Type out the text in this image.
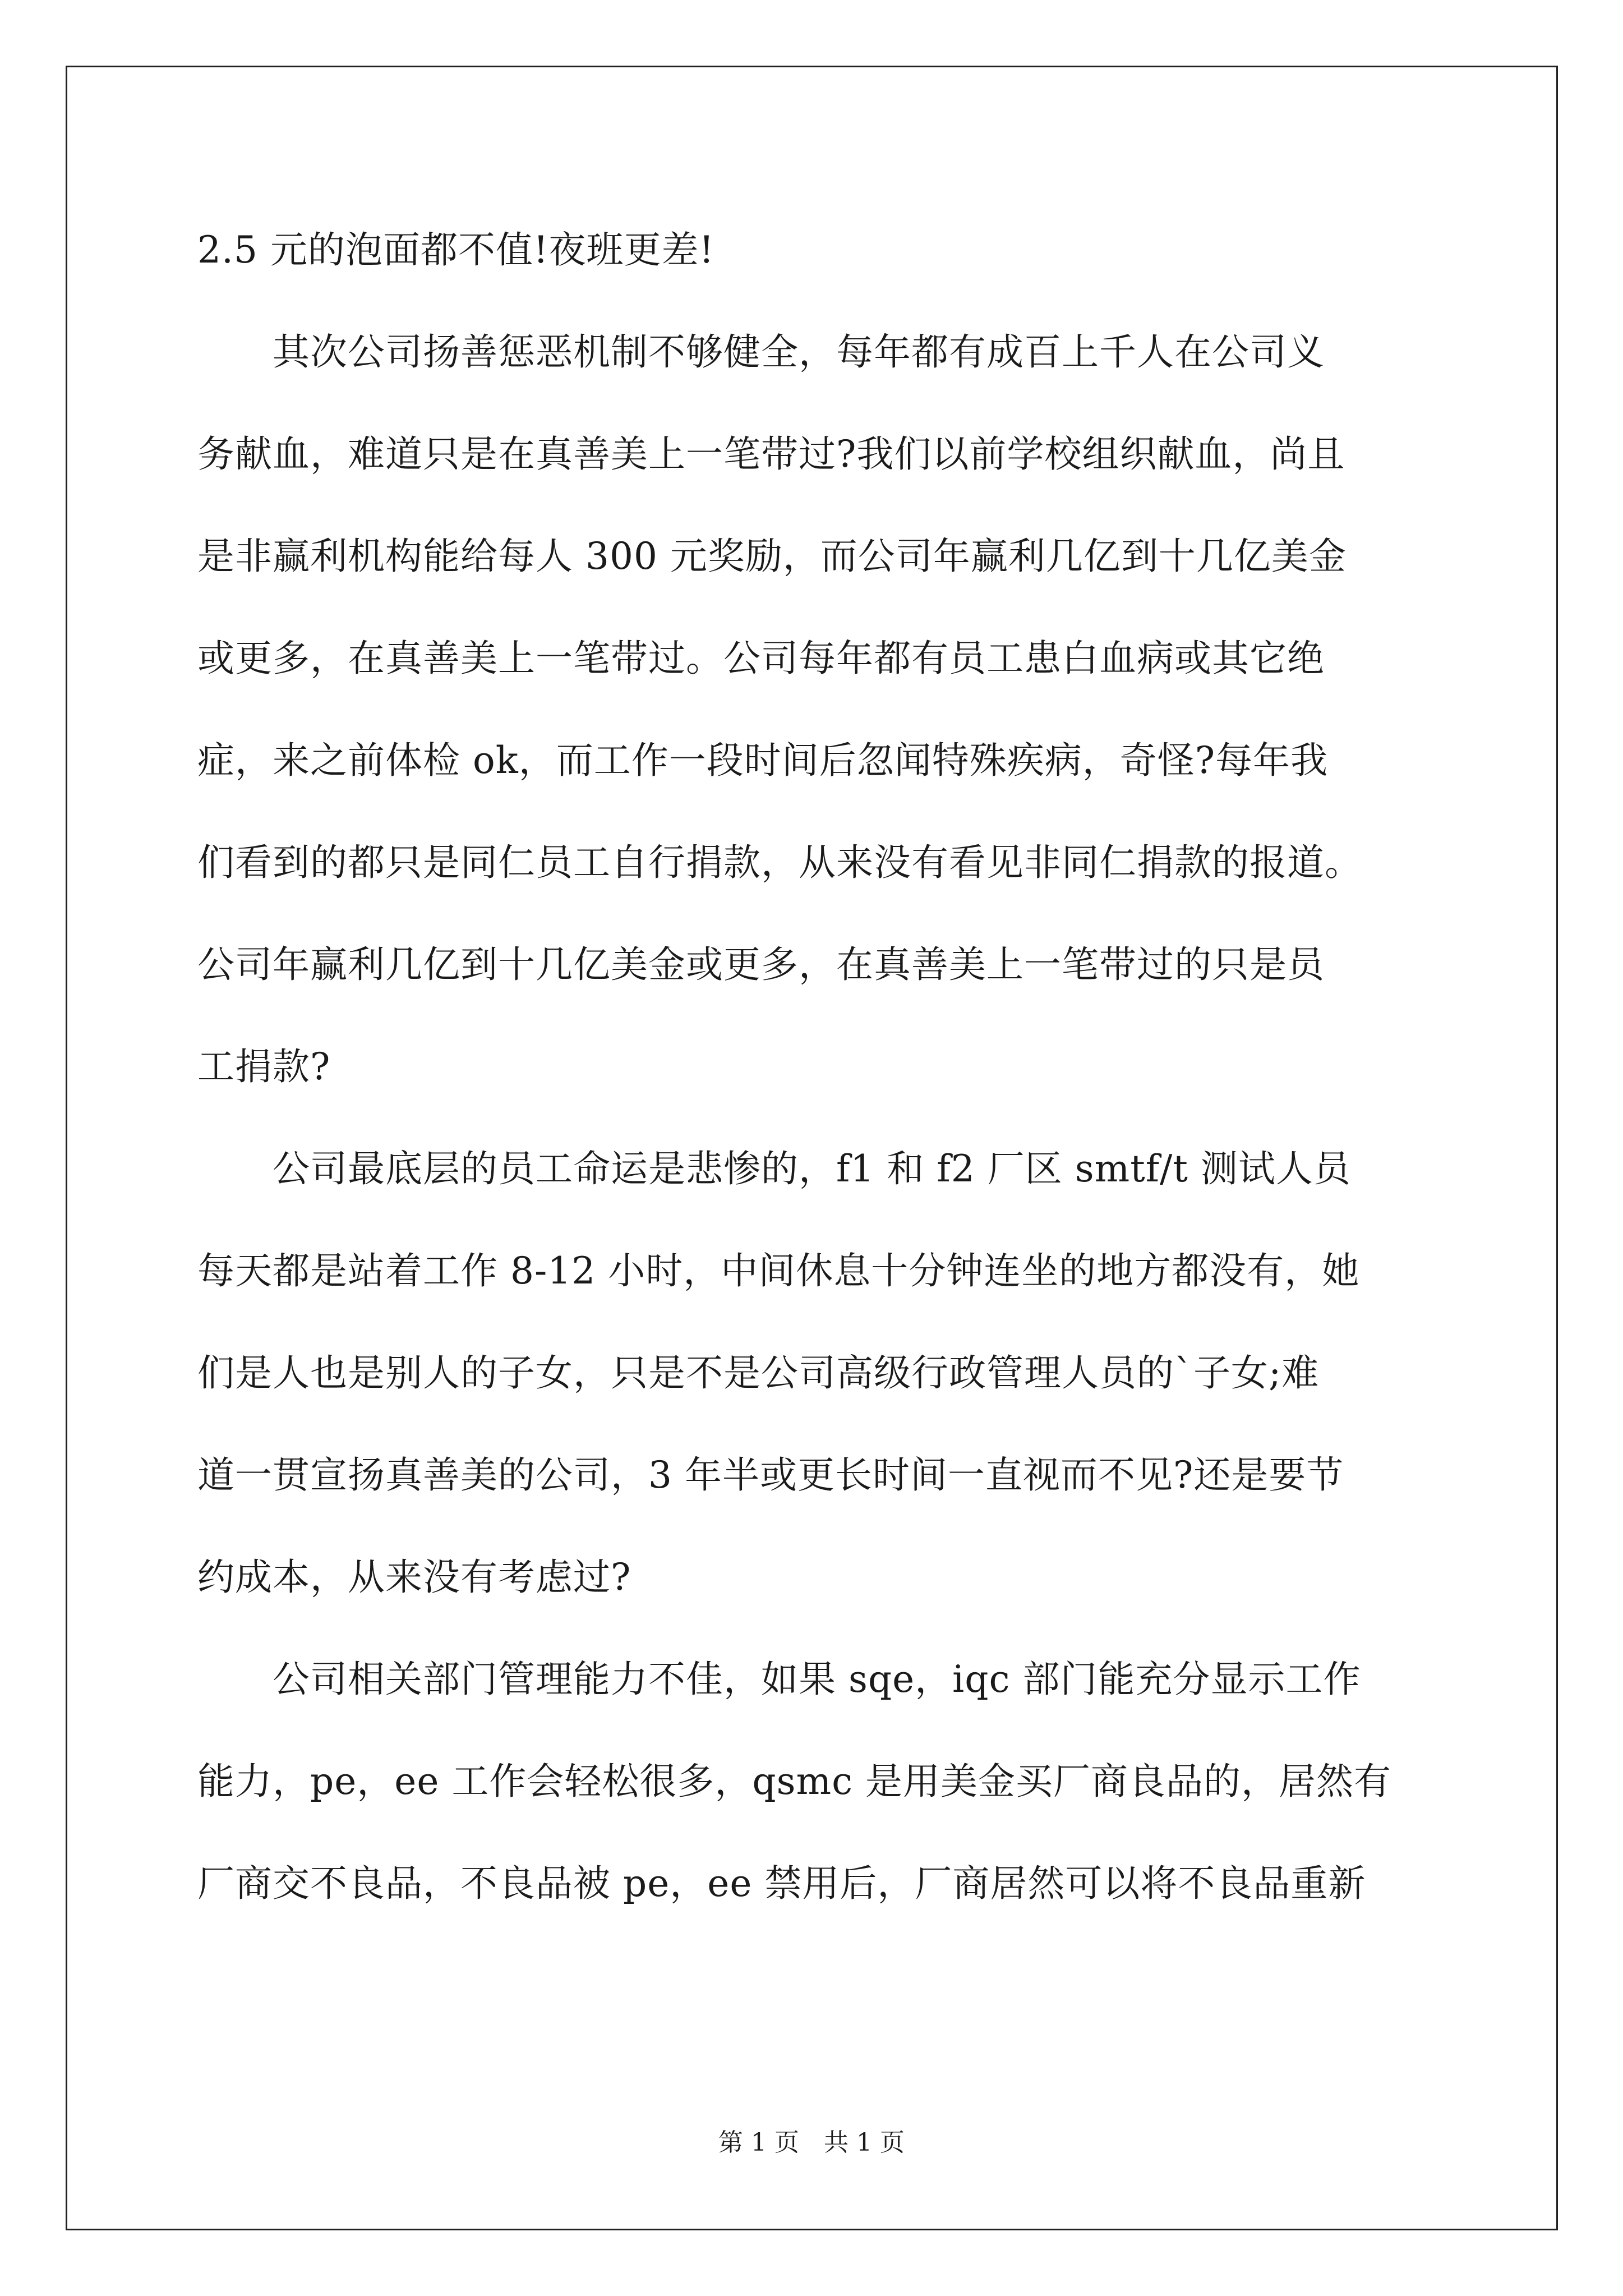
2.5 元的泡面都不值!夜班更差!
　　其次公司扬善惩恶机制不够健全，每年都有成百上千人在公司义
务献血，难道只是在真善美上一笔带过?我们以前学校组织献血，尚且
是非赢利机构能给每人 300 元奖励，而公司年赢利几亿到十几亿美金
或更多，在真善美上一笔带过。公司每年都有员工患白血病或其它绝
症，来之前体检 ok，而工作一段时间后忽闻特殊疾病，奇怪?每年我
们看到的都只是同仁员工自行捐款，从来没有看见非同仁捐款的报道。
公司年赢利几亿到十几亿美金或更多，在真善美上一笔带过的只是员
工捐款?
　　公司最底层的员工命运是悲惨的，f1 和 f2 厂区 smtf/t 测试人员
每天都是站着工作 8-12 小时，中间休息十分钟连坐的地方都没有，她
们是人也是别人的子女，只是不是公司高级行政管理人员的`子女;难
道一贯宣扬真善美的公司，3 年半或更长时间一直视而不见?还是要节
约成本，从来没有考虑过?
　　公司相关部门管理能力不佳，如果 sqe，iqc 部门能充分显示工作
能力，pe，ee 工作会轻松很多，qsmc 是用美金买厂商良品的，居然有
厂商交不良品，不良品被 pe，ee 禁用后，厂商居然可以将不良品重新
第 1 页　共 1 页
